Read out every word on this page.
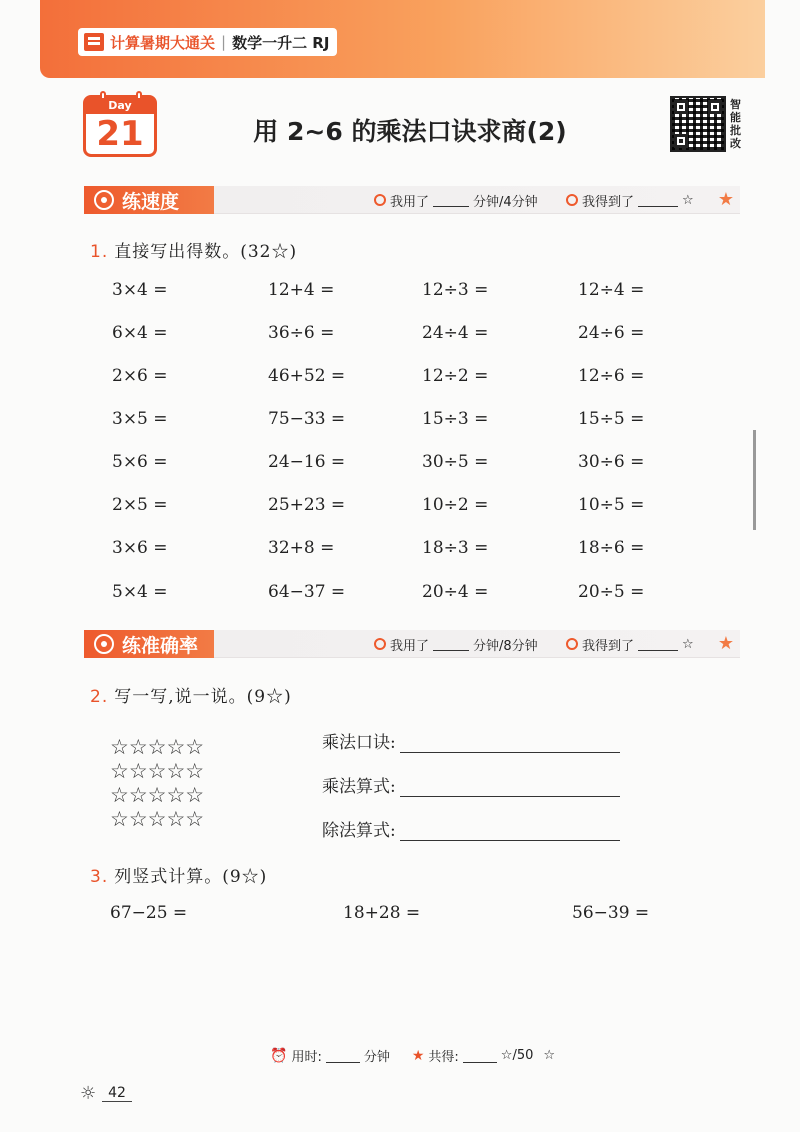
计算暑期大通关 | 数学一升二 RJ
Day
21	用 2~6 的乘法口诀求商(2)
智能批改
练速度	我用了	分钟/4分钟	我得到了	☆ ★
1. 直接写出得数。(32☆)
3×4 =	12+4 =	12÷3 =	12÷4 =
6×4 =	36÷6 =	24÷4 =	24÷6 =
2×6 =	46+52 =	12÷2 =	12÷6 =
3×5 =	75−33 =	15÷3 =	15÷5 =
5×6 =	24−16 =	30÷5 =	30÷6 =
2×5 =	25+23 =	10÷2 =	10÷5 =
3×6 =	32+8 =	18÷3 =	18÷6 =
5×4 =	64−37 =	20÷4 =	20÷5 =
练准确率	我用了	分钟/8分钟	我得到了	☆ ★
2. 写一写,说一说。(9☆)
☆☆☆☆☆
☆☆☆☆☆
☆☆☆☆☆
☆☆☆☆☆
乘法口诀:
乘法算式:
除法算式:
3. 列竖式计算。(9☆)
67−25 =	18+28 =	56−39 =
⏰ 用时:	分钟 ★ 共得:	☆/50 ☆
☼ 42
